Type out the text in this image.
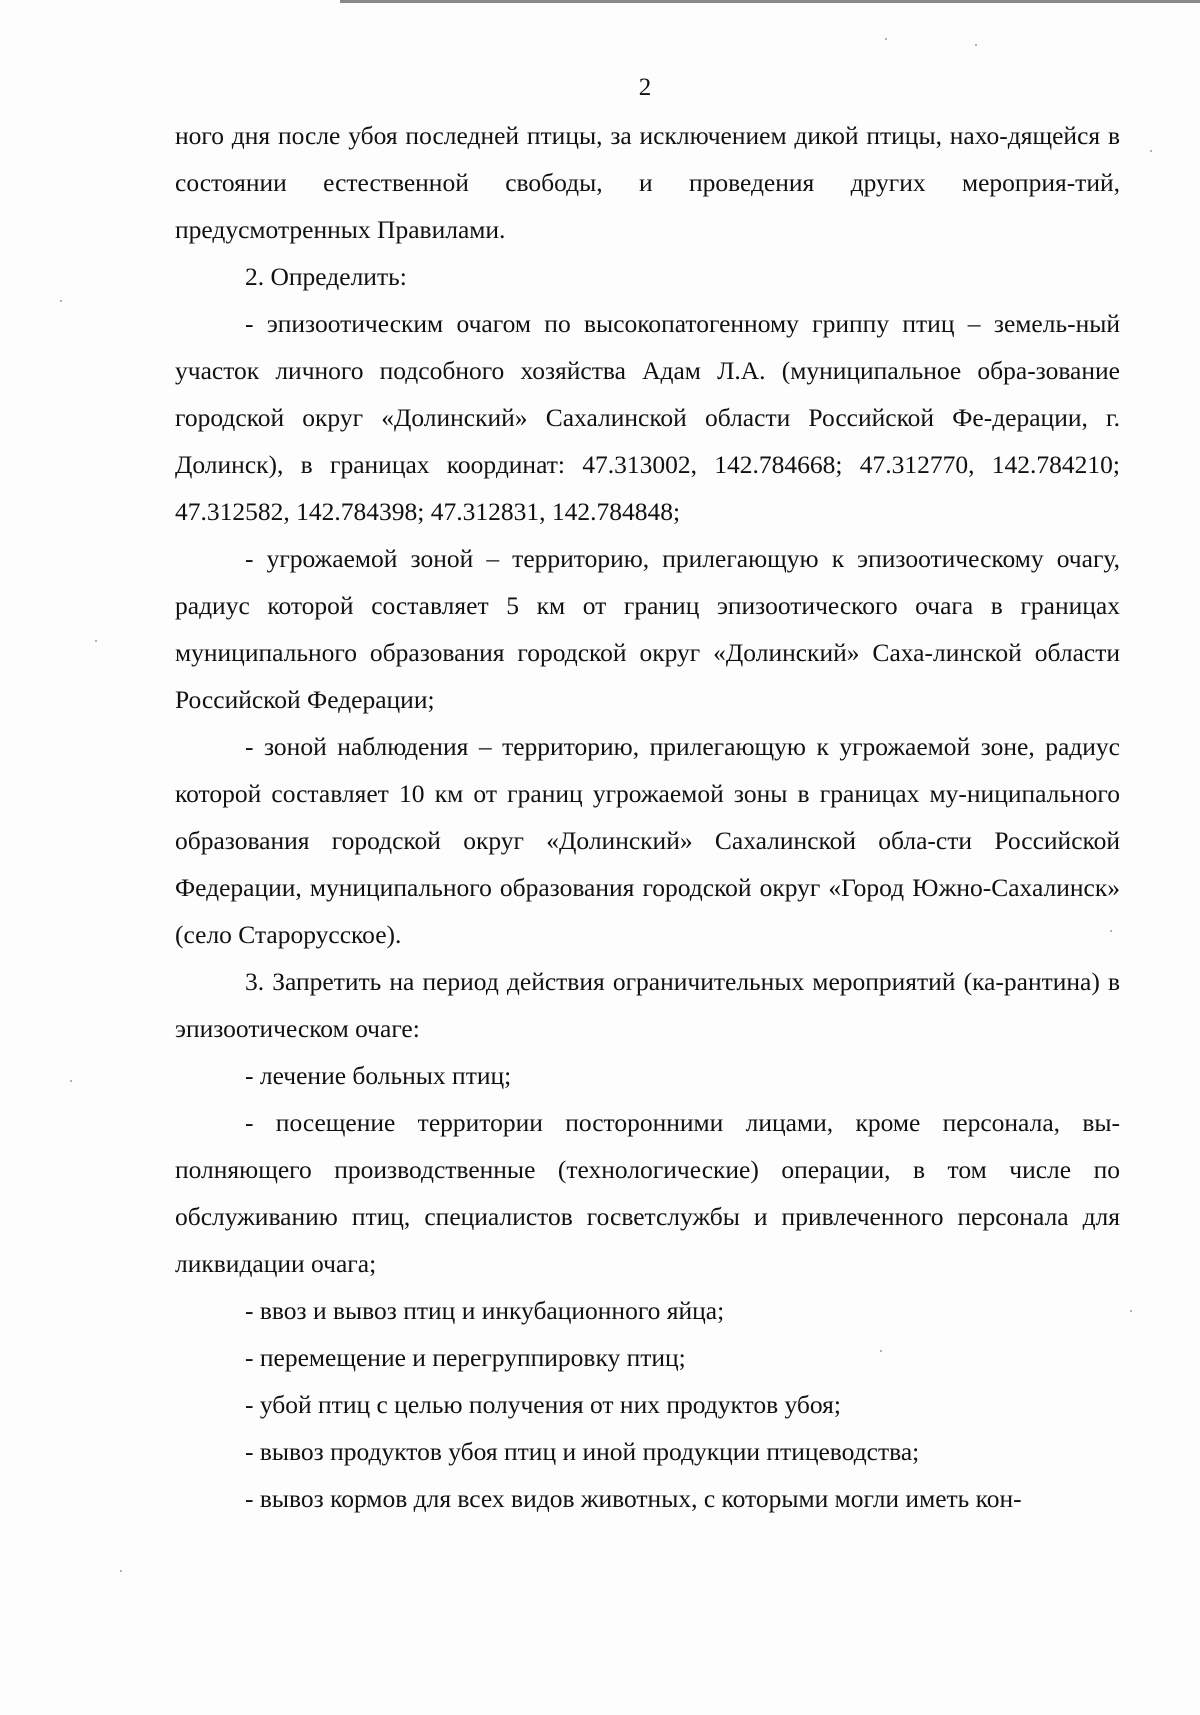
2

ного дня после убоя последней птицы, за исключением дикой птицы, нахо-дящейся в состоянии естественной свободы, и проведения других мероприя-тий, предусмотренных Правилами.

2. Определить:

- эпизоотическим очагом по высокопатогенному гриппу птиц – земель-ный участок личного подсобного хозяйства Адам Л.А. (муниципальное обра-зование городской округ «Долинский» Сахалинской области Российской Фе-дерации, г. Долинск), в границах координат: 47.313002, 142.784668; 47.312770, 142.784210; 47.312582, 142.784398; 47.312831, 142.784848;

- угрожаемой зоной – территорию, прилегающую к эпизоотическому очагу, радиус которой составляет 5 км от границ эпизоотического очага в границах муниципального образования городской округ «Долинский» Саха-линской области Российской Федерации;

- зоной наблюдения – территорию, прилегающую к угрожаемой зоне, радиус которой составляет 10 км от границ угрожаемой зоны в границах му-ниципального образования городской округ «Долинский» Сахалинской обла-сти Российской Федерации, муниципального образования городской округ «Город Южно-Сахалинск» (село Старорусское).

3. Запретить на период действия ограничительных мероприятий (ка-рантина) в эпизоотическом очаге:

- лечение больных птиц;

- посещение территории посторонними лицами, кроме персонала, вы-полняющего производственные (технологические) операции, в том числе по обслуживанию птиц, специалистов госветслужбы и привлеченного персонала для ликвидации очага;

- ввоз и вывоз птиц и инкубационного яйца;

- перемещение и перегруппировку птиц;

- убой птиц с целью получения от них продуктов убоя;

- вывоз продуктов убоя птиц и иной продукции птицеводства;

- вывоз кормов для всех видов животных, с которыми могли иметь кон-
